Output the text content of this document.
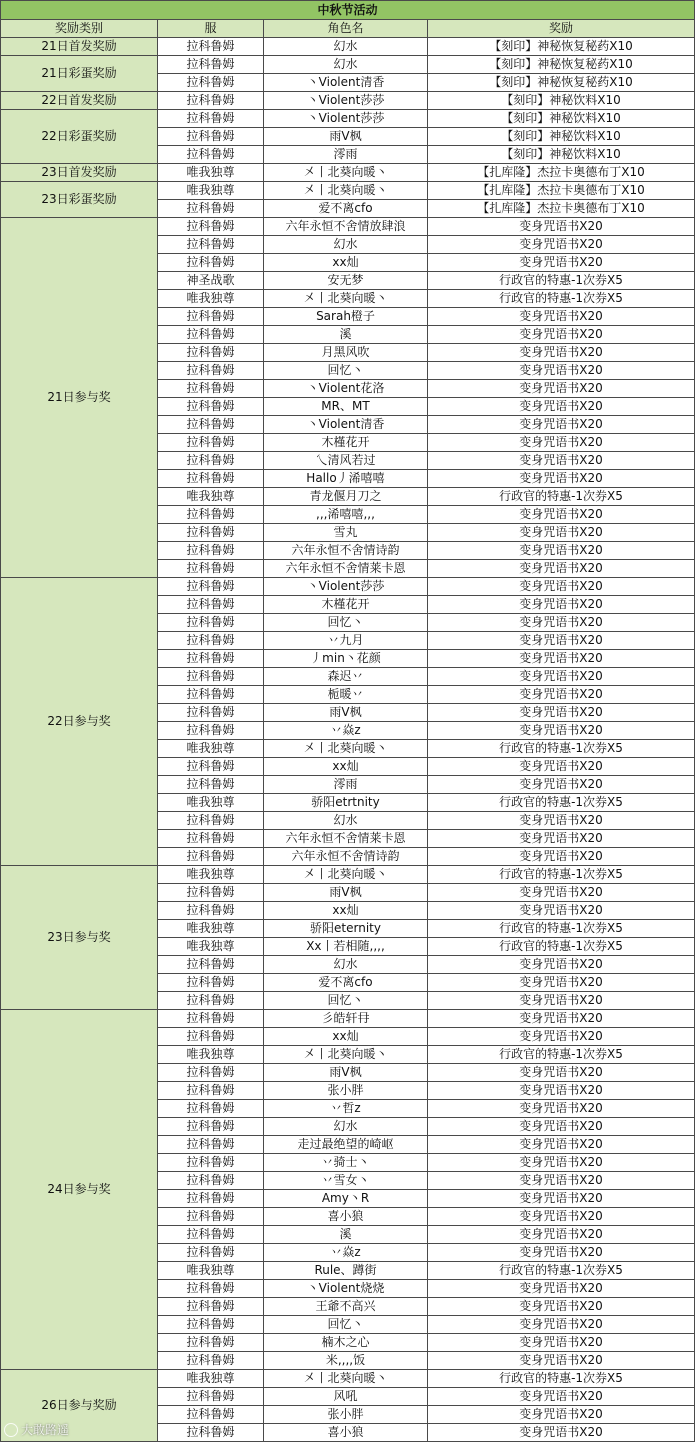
中秋节活动			
奖励类别	服	角色名	奖励
21日首发奖励	拉科鲁姆	幻水	【刻印】神秘恢复秘药X10
21日彩蛋奖励	拉科鲁姆	幻水	【刻印】神秘恢复秘药X10
	拉科鲁姆	丶Violent清香	【刻印】神秘恢复秘药X10
22日首发奖励	拉科鲁姆	丶Violent莎莎	【刻印】神秘饮料X10
22日彩蛋奖励	拉科鲁姆	丶Violent莎莎	【刻印】神秘饮料X10
	拉科鲁姆	雨V枫	【刻印】神秘饮料X10
	拉科鲁姆	澪雨	【刻印】神秘饮料X10
23日首发奖励	唯我独尊	㐅丨北葵向暖丶	【扎库隆】杰拉卡奥德布丁X10
23日彩蛋奖励	唯我独尊	㐅丨北葵向暖丶	【扎库隆】杰拉卡奥德布丁X10
	拉科鲁姆	爱不离cfo	【扎库隆】杰拉卡奥德布丁X10
21日参与奖	拉科鲁姆	六年永恒不舍情放肆浪	变身咒语书X20
	拉科鲁姆	幻水	变身咒语书X20
	拉科鲁姆	xx灿	变身咒语书X20
	神圣战歌	安无梦	行政官的特惠-1次券X5
	唯我独尊	㐅丨北葵向暖丶	行政官的特惠-1次券X5
	拉科鲁姆	Sarah橙子	变身咒语书X20
	拉科鲁姆	溪	变身咒语书X20
	拉科鲁姆	月黑风吹	变身咒语书X20
	拉科鲁姆	回忆丶	变身咒语书X20
	拉科鲁姆	丶Violent花洛	变身咒语书X20
	拉科鲁姆	MR、MT	变身咒语书X20
	拉科鲁姆	丶Violent清香	变身咒语书X20
	拉科鲁姆	木槿花开	变身咒语书X20
	拉科鲁姆	乀清风若过	变身咒语书X20
	拉科鲁姆	Hallo丿浠嘻嘻	变身咒语书X20
	唯我独尊	青龙偃月刀之	行政官的特惠-1次券X5
	拉科鲁姆	,,,浠嘻嘻,,,	变身咒语书X20
	拉科鲁姆	雪丸	变身咒语书X20
	拉科鲁姆	六年永恒不舍情诗韵	变身咒语书X20
	拉科鲁姆	六年永恒不舍情莱卡恩	变身咒语书X20
22日参与奖	拉科鲁姆	丶Violent莎莎	变身咒语书X20
	拉科鲁姆	木槿花开	变身咒语书X20
	拉科鲁姆	回忆丶	变身咒语书X20
	拉科鲁姆	丷九月	变身咒语书X20
	拉科鲁姆	丿min丶花颜	变身咒语书X20
	拉科鲁姆	森迟丷	变身咒语书X20
	拉科鲁姆	栀暖丷	变身咒语书X20
	拉科鲁姆	雨V枫	变身咒语书X20
	拉科鲁姆	丷焱z	变身咒语书X20
	唯我独尊	㐅丨北葵向暖丶	行政官的特惠-1次券X5
	拉科鲁姆	xx灿	变身咒语书X20
	拉科鲁姆	澪雨	变身咒语书X20
	唯我独尊	骄阳etrtnity	行政官的特惠-1次券X5
	拉科鲁姆	幻水	变身咒语书X20
	拉科鲁姆	六年永恒不舍情莱卡恩	变身咒语书X20
	拉科鲁姆	六年永恒不舍情诗韵	变身咒语书X20
23日参与奖	唯我独尊	㐅丨北葵向暖丶	行政官的特惠-1次券X5
	拉科鲁姆	雨V枫	变身咒语书X20
	拉科鲁姆	xx灿	变身咒语书X20
	唯我独尊	骄阳eternity	行政官的特惠-1次券X5
	唯我独尊	Xx丨若相随,,,,	行政官的特惠-1次券X5
	拉科鲁姆	幻水	变身咒语书X20
	拉科鲁姆	爱不离cfo	变身咒语书X20
	拉科鲁姆	回忆丶	变身咒语书X20
24日参与奖	拉科鲁姆	彡皓轩冄	变身咒语书X20
	拉科鲁姆	xx灿	变身咒语书X20
	唯我独尊	㐅丨北葵向暖丶	行政官的特惠-1次券X5
	拉科鲁姆	雨V枫	变身咒语书X20
	拉科鲁姆	张小胖	变身咒语书X20
	拉科鲁姆	丷哲z	变身咒语书X20
	拉科鲁姆	幻水	变身咒语书X20
	拉科鲁姆	走过最绝望的崎岖	变身咒语书X20
	拉科鲁姆	丷骑士丶	变身咒语书X20
	拉科鲁姆	丷雪女丶	变身咒语书X20
	拉科鲁姆	Amy丶R	变身咒语书X20
	拉科鲁姆	喜小狼	变身咒语书X20
	拉科鲁姆	溪	变身咒语书X20
	拉科鲁姆	丷焱z	变身咒语书X20
	唯我独尊	Rule、蹲街	行政官的特惠-1次券X5
	拉科鲁姆	丶Violent烧烧	变身咒语书X20
	拉科鲁姆	王爺不高兴	变身咒语书X20
	拉科鲁姆	回忆丶	变身咒语书X20
	拉科鲁姆	楠木之心	变身咒语书X20
	拉科鲁姆	米,,,,饭	变身咒语书X20
26日参与奖励	唯我独尊	㐅丨北葵向暖丶	行政官的特惠-1次券X5
	拉科鲁姆	风吼	变身咒语书X20
	拉科鲁姆	张小胖	变身咒语书X20
	拉科鲁姆	喜小狼	变身咒语书X20
大敢路遥
